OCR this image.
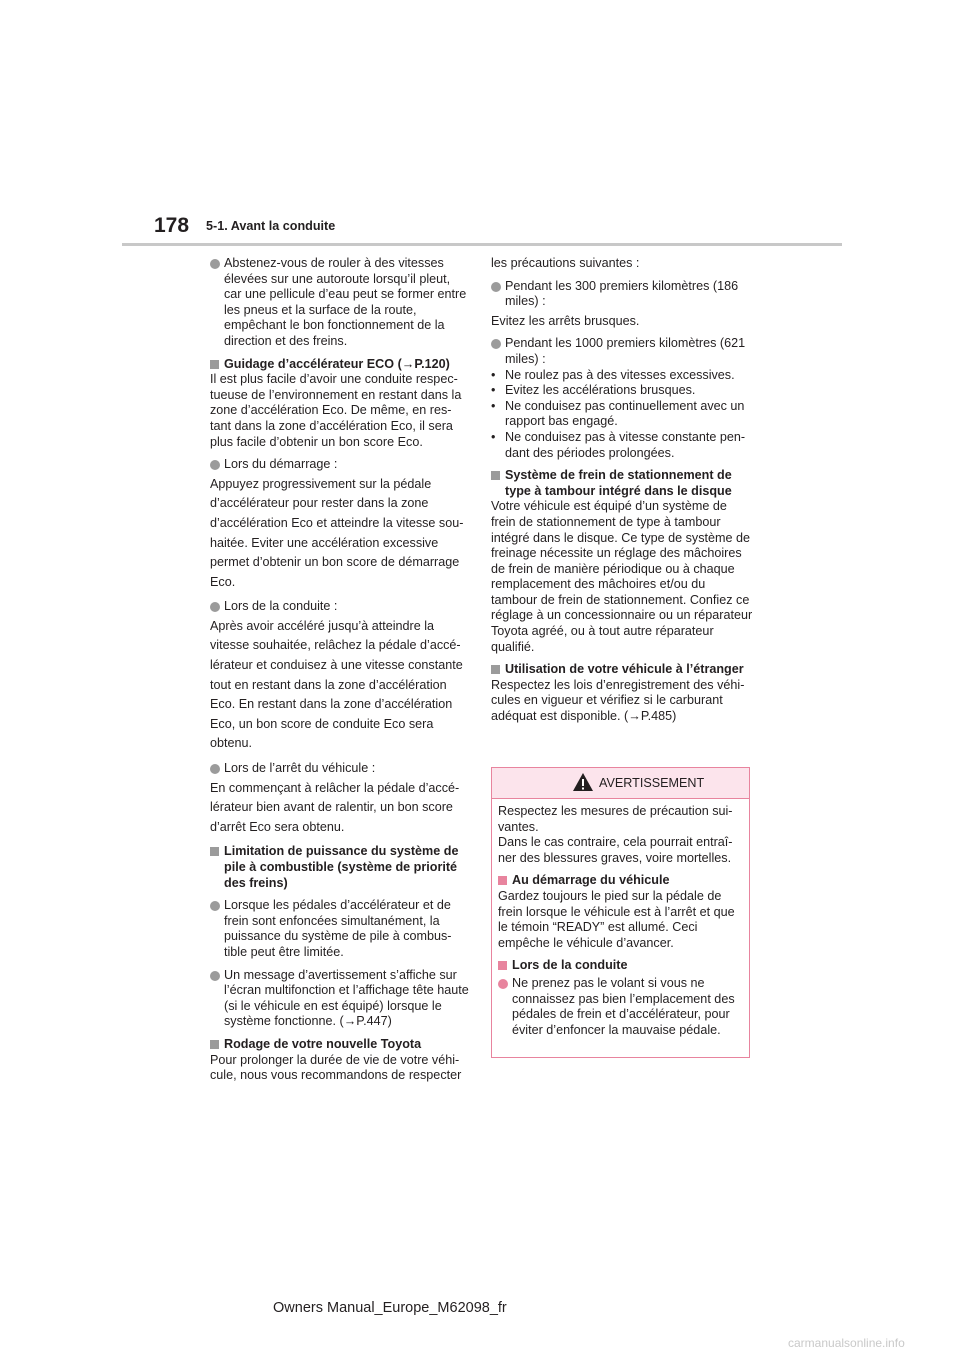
178 5-1. Avant la conduite

Abstenez-vous de rouler à des vitesses élevées sur une autoroute lorsqu’il pleut, car une pellicule d’eau peut se former entre les pneus et la surface de la route, empêchant le bon fonctionnement de la direction et des freins.

Guidage d’accélérateur ECO (→P.120)

Il est plus facile d’avoir une conduite respec-tueuse de l’environnement en restant dans la zone d’accélération Eco. De même, en res-tant dans la zone d’accélération Eco, il sera plus facile d’obtenir un bon score Eco.

Lors du démarrage :

Appuyez progressivement sur la pédale d’accélérateur pour rester dans la zone d’accélération Eco et atteindre la vitesse sou-haitée. Eviter une accélération excessive permet d’obtenir un bon score de démarrage Eco.

Lors de la conduite :

Après avoir accéléré jusqu’à atteindre la vitesse souhaitée, relâchez la pédale d’accé-lérateur et conduisez à une vitesse constante tout en restant dans la zone d’accélération Eco. En restant dans la zone d’accélération Eco, un bon score de conduite Eco sera obtenu.

Lors de l’arrêt du véhicule :

En commençant à relâcher la pédale d’accé-lérateur bien avant de ralentir, un bon score d’arrêt Eco sera obtenu.

Limitation de puissance du système de pile à combustible (système de priorité des freins)

Lorsque les pédales d’accélérateur et de frein sont enfoncées simultanément, la puissance du système de pile à combus-tible peut être limitée.

Un message d’avertissement s’affiche sur l’écran multifonction et l’affichage tête haute (si le véhicule en est équipé) lorsque le système fonctionne. (→P.447)

Rodage de votre nouvelle Toyota

Pour prolonger la durée de vie de votre véhi-cule, nous vous recommandons de respecter

les précautions suivantes :

Pendant les 300 premiers kilomètres (186 miles) :

Evitez les arrêts brusques.

Pendant les 1000 premiers kilomètres (621 miles) :

• Ne roulez pas à des vitesses excessives.
• Evitez les accélérations brusques.
• Ne conduisez pas continuellement avec un rapport bas engagé.
• Ne conduisez pas à vitesse constante pen-dant des périodes prolongées.

Système de frein de stationnement de type à tambour intégré dans le disque

Votre véhicule est équipé d’un système de frein de stationnement de type à tambour intégré dans le disque. Ce type de système de freinage nécessite un réglage des mâchoires de frein de manière périodique ou à chaque remplacement des mâchoires et/ou du tambour de frein de stationnement. Confiez ce réglage à un concessionnaire ou un réparateur Toyota agréé, ou à tout autre réparateur qualifié.

Utilisation de votre véhicule à l’étranger

Respectez les lois d’enregistrement des véhi-cules en vigueur et vérifiez si le carburant adéquat est disponible. (→P.485)

AVERTISSEMENT

Respectez les mesures de précaution sui-vantes.

Dans le cas contraire, cela pourrait entraî-ner des blessures graves, voire mortelles.

Au démarrage du véhicule

Gardez toujours le pied sur la pédale de frein lorsque le véhicule est à l’arrêt et que le témoin “READY” est allumé. Ceci empêche le véhicule d’avancer.

Lors de la conduite

Ne prenez pas le volant si vous ne connaissez pas bien l’emplacement des pédales de frein et d’accélérateur, pour éviter d’enfoncer la mauvaise pédale.

Owners Manual_Europe_M62098_fr
carmanualsonline.info
